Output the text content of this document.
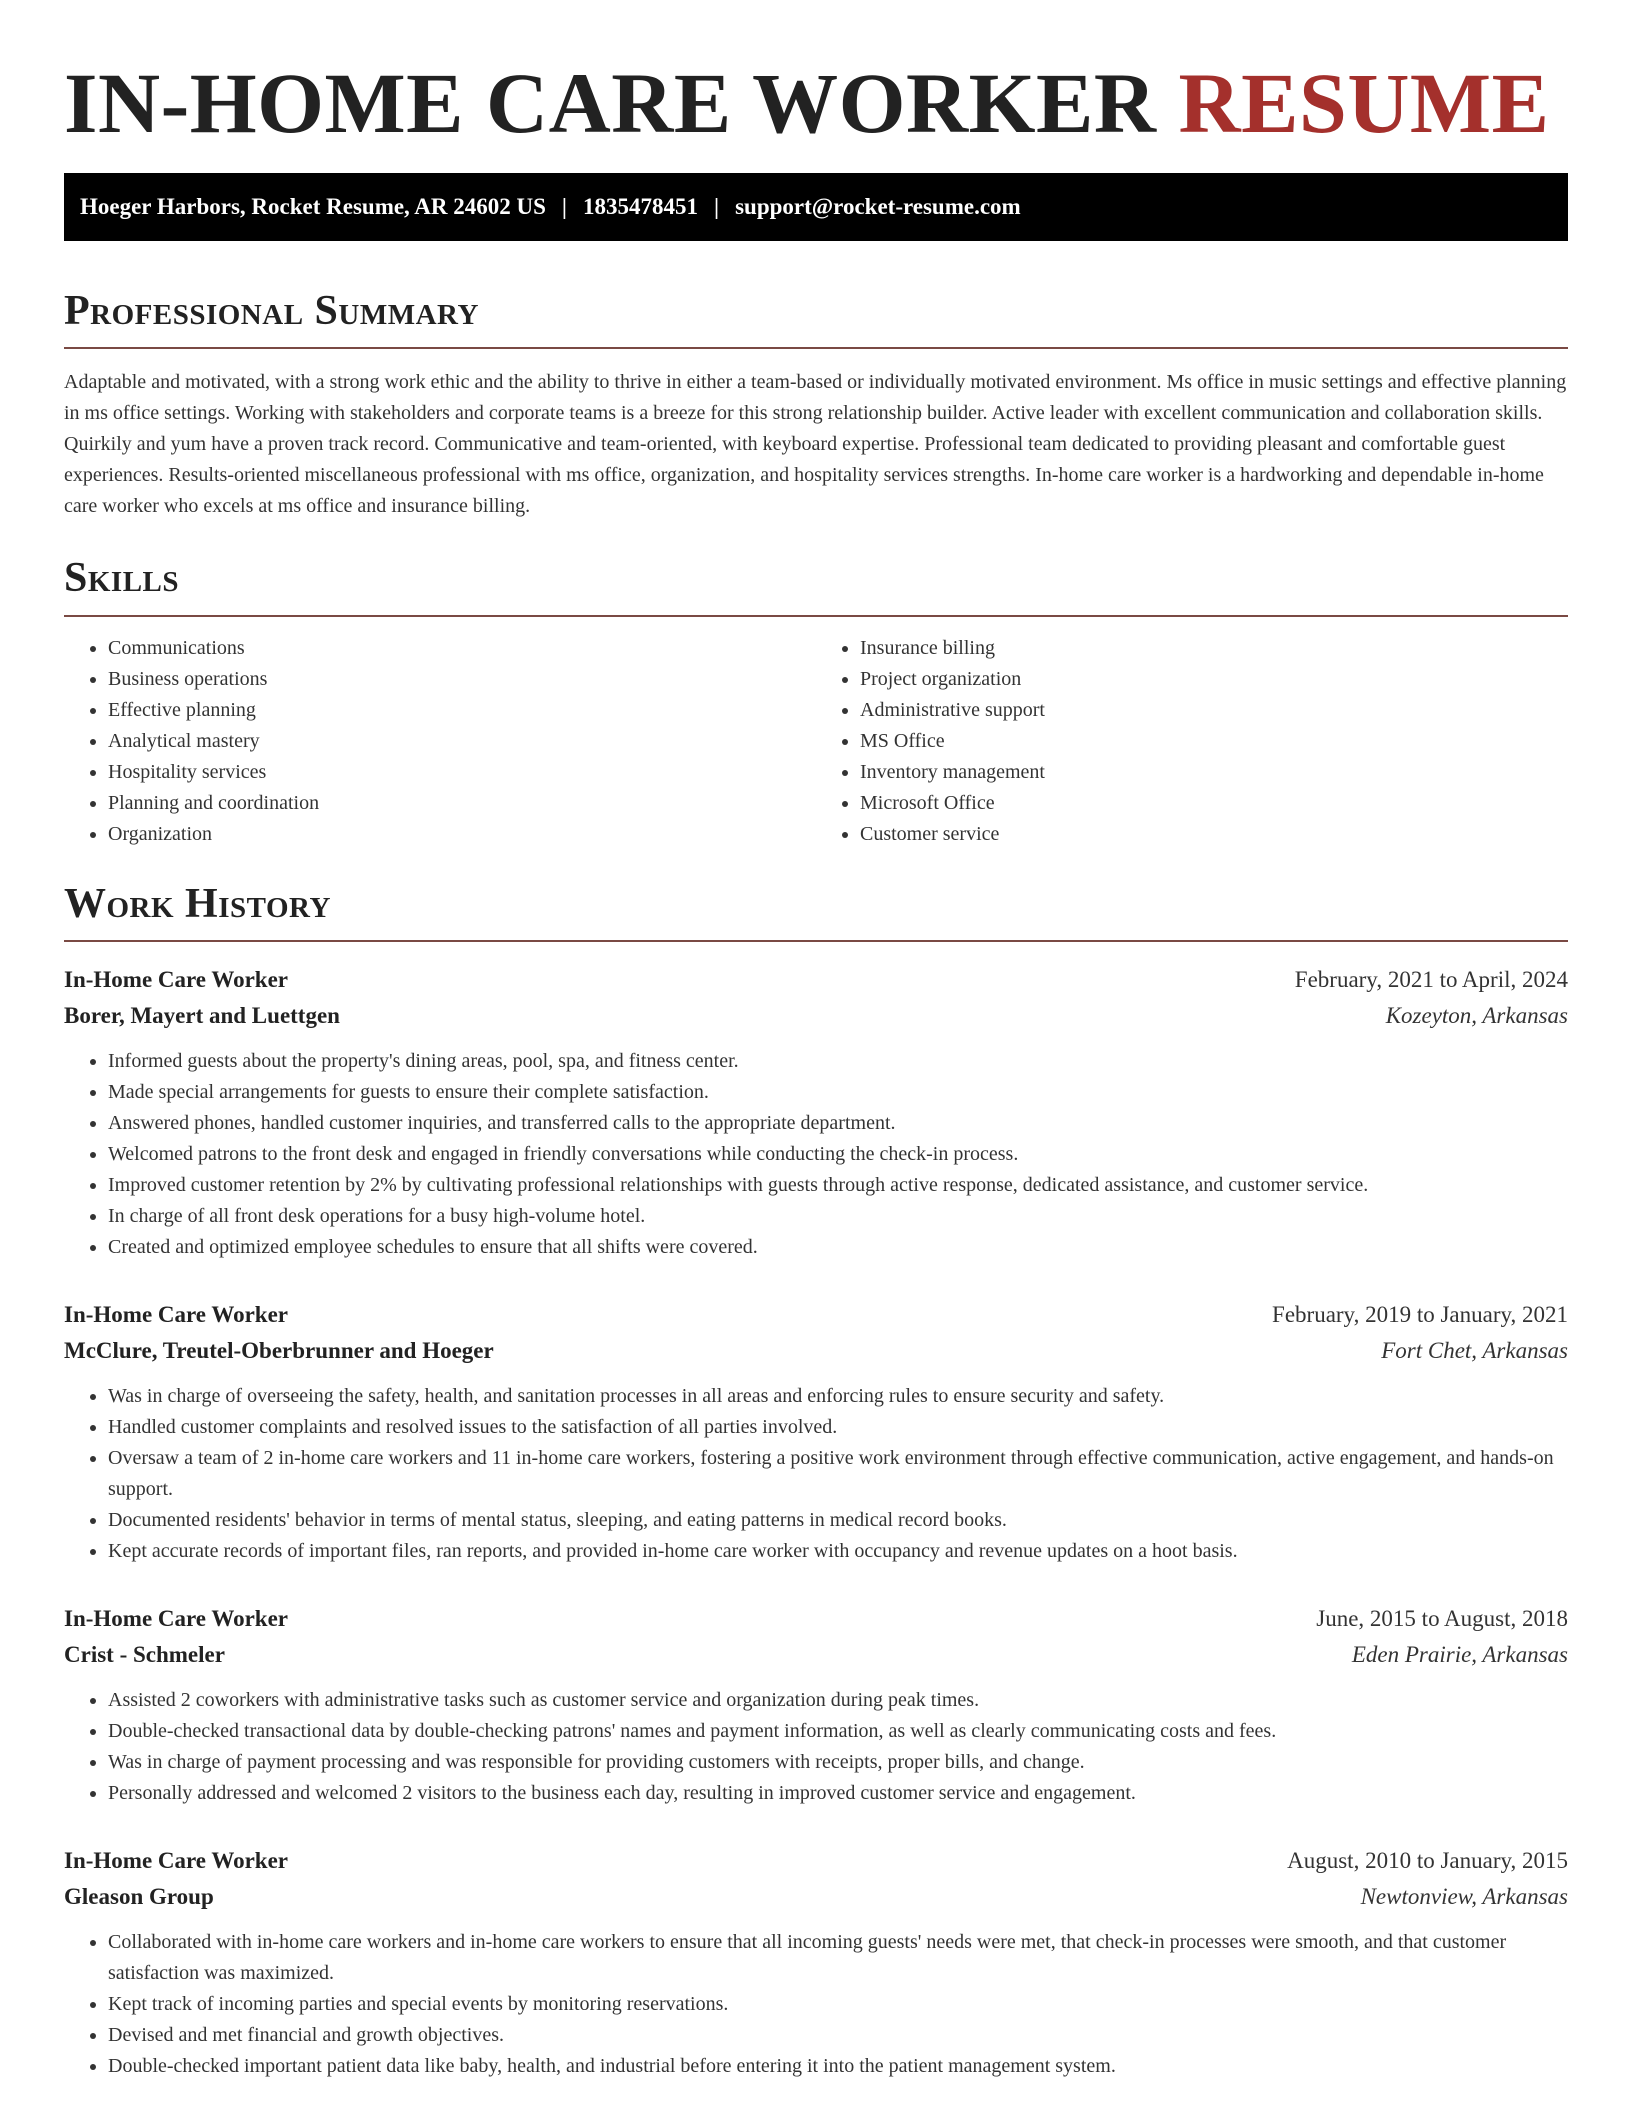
IN-HOME CARE WORKER RESUME
Hoeger Harbors, Rocket Resume, AR 24602 US | 1835478451 | support@rocket-resume.com
Professional Summary

Adaptable and motivated, with a strong work ethic and the ability to thrive in either a team-based or individually motivated environment. Ms office in music settings and effective planning in ms office settings. Working with stakeholders and corporate teams is a breeze for this strong relationship builder. Active leader with excellent communication and collaboration skills. Quirkily and yum have a proven track record. Communicative and team-oriented, with keyboard expertise. Professional team dedicated to providing pleasant and comfortable guest experiences. Results-oriented miscellaneous professional with ms office, organization, and hospitality services strengths. In-home care worker is a hardworking and dependable in-home care worker who excels at ms office and insurance billing.

Skills
• Communications
• Business operations
• Effective planning
• Analytical mastery
• Hospitality services
• Planning and coordination
• Organization
• Insurance billing
• Project organization
• Administrative support
• MS Office
• Inventory management
• Microsoft Office
• Customer service
Work History
In-Home Care Worker	February, 2021 to April, 2024
Borer, Mayert and Luettgen	Kozeyton, Arkansas
• Informed guests about the property's dining areas, pool, spa, and fitness center.
• Made special arrangements for guests to ensure their complete satisfaction.
• Answered phones, handled customer inquiries, and transferred calls to the appropriate department.
• Welcomed patrons to the front desk and engaged in friendly conversations while conducting the check-in process.
• Improved customer retention by 2% by cultivating professional relationships with guests through active response, dedicated assistance, and customer service.
• In charge of all front desk operations for a busy high-volume hotel.
• Created and optimized employee schedules to ensure that all shifts were covered.
In-Home Care Worker	February, 2019 to January, 2021
McClure, Treutel-Oberbrunner and Hoeger	Fort Chet, Arkansas
• Was in charge of overseeing the safety, health, and sanitation processes in all areas and enforcing rules to ensure security and safety.
• Handled customer complaints and resolved issues to the satisfaction of all parties involved.
• Oversaw a team of 2 in-home care workers and 11 in-home care workers, fostering a positive work environment through effective communication, active engagement, and hands-on support.
• Documented residents' behavior in terms of mental status, sleeping, and eating patterns in medical record books.
• Kept accurate records of important files, ran reports, and provided in-home care worker with occupancy and revenue updates on a hoot basis.
In-Home Care Worker	June, 2015 to August, 2018
Crist - Schmeler	Eden Prairie, Arkansas
• Assisted 2 coworkers with administrative tasks such as customer service and organization during peak times.
• Double-checked transactional data by double-checking patrons' names and payment information, as well as clearly communicating costs and fees.
• Was in charge of payment processing and was responsible for providing customers with receipts, proper bills, and change.
• Personally addressed and welcomed 2 visitors to the business each day, resulting in improved customer service and engagement.
In-Home Care Worker	August, 2010 to January, 2015
Gleason Group	Newtonview, Arkansas
• Collaborated with in-home care workers and in-home care workers to ensure that all incoming guests' needs were met, that check-in processes were smooth, and that customer satisfaction was maximized.
• Kept track of incoming parties and special events by monitoring reservations.
• Devised and met financial and growth objectives.
• Double-checked important patient data like baby, health, and industrial before entering it into the patient management system.
